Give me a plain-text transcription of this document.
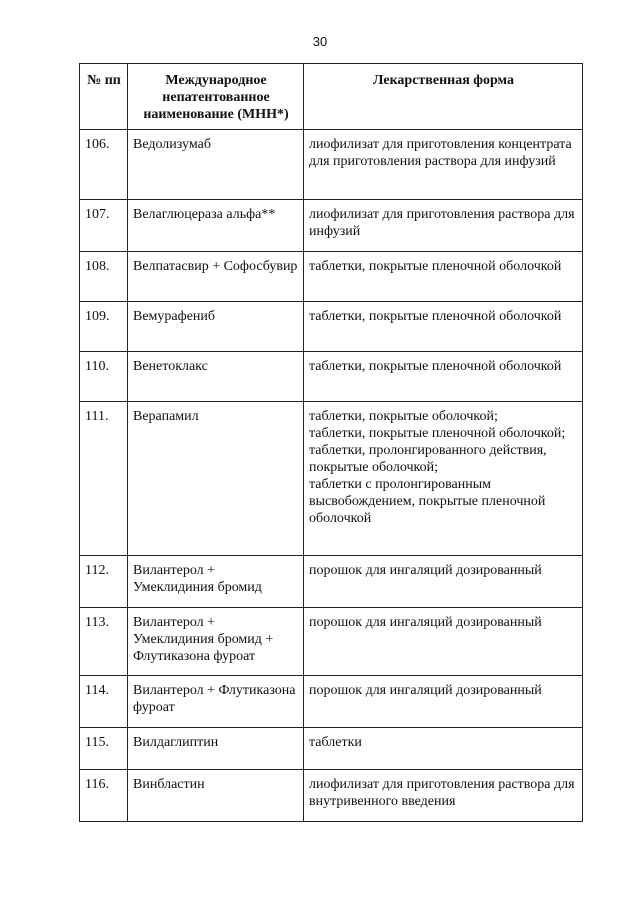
30
№ пп	Международное непатентованное наименование (МНН*)	Лекарственная форма
106.	Ведолизумаб	лиофилизат для приготовления концентрата для приготовления раствора для инфузий

107.	Велаглюцераза альфа**	лиофилизат для приготовления раствора для инфузий

108.	Велпатасвир + Софосбувир	таблетки, покрытые пленочной оболочкой

109.	Вемурафениб	таблетки, покрытые пленочной оболочкой

110.	Венетоклакс	таблетки, покрытые пленочной оболочкой

111.	Верапамил	таблетки, покрытые оболочкой;
таблетки, покрытые пленочной оболочкой;
таблетки, пролонгированного действия, покрытые оболочкой;
таблетки с пролонгированным высвобождением, покрытые пленочной оболочкой

112.	Вилантерол + Умеклидиния бромид	порошок для ингаляций дозированный

113.	Вилантерол + Умеклидиния бромид + Флутиказона фуроат	порошок для ингаляций дозированный

114.	Вилантерол + Флутиказона фуроат	порошок для ингаляций дозированный

115.	Вилдаглиптин	таблетки

116.	Винбластин	лиофилизат для приготовления раствора для внутривенного введения
